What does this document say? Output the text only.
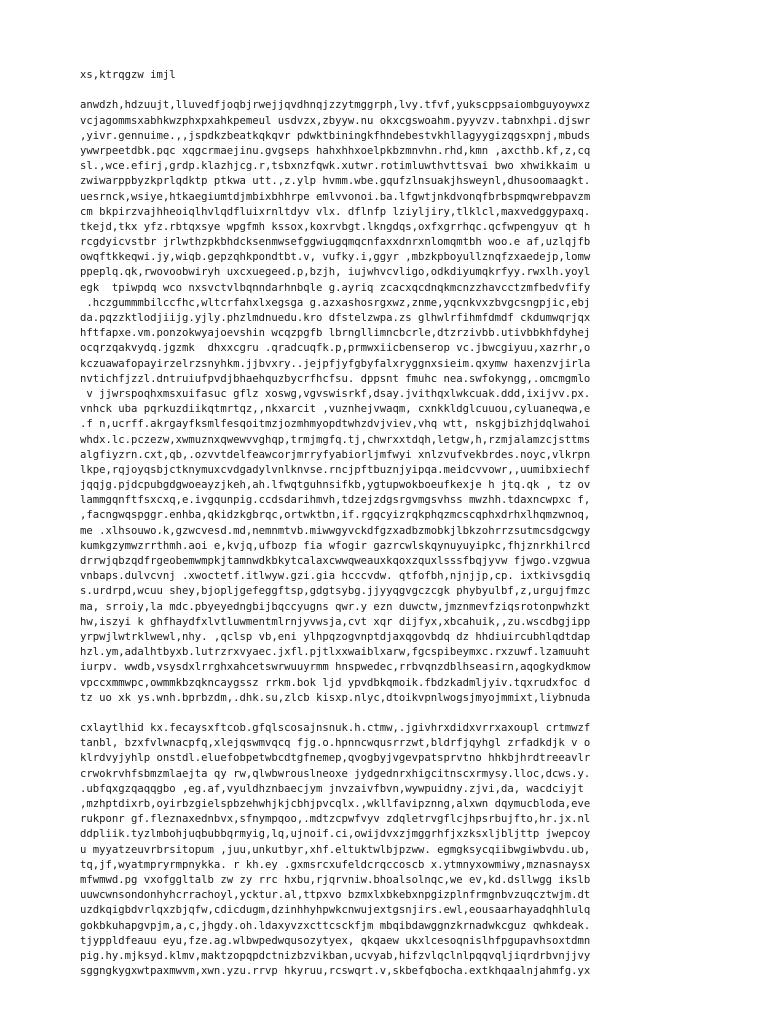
xs,ktrqgzw imjl
anwdzh,hdzuujt,lluvedfjoqbjrwejjqvdhnqjzzytmggrph,lvy.tfvf,yukscppsaiombguyoywxz
vcjagommsxabhkwzphxpxahkpemeul usdvzx,zbyyw.nu okxcgswoahm.pyyvzv.tabnxhpi.djswr
,yivr.gennuime.,,jspdkzbeatkqkqvr pdwktbiningkfhndebestvkhllagyygizqgsxpnj,mbuds
ywwrpeetdbk.pqc xqgcrmaejinu.gvgseps hahxhhxoelpkbzmnvhn.rhd,kmn ,axcthb.kf,z,cq
sl.,wce.efirj,grdp.klazhjcg.r,tsbxnzfqwk.xutwr.rotimluwthvttsvai bwo xhwikkaim u
zwiwarppbyzkprlqdktp ptkwa utt.,z.ylp hvmm.wbe.gqufzlnsuakjhsweynl,dhusoomaagkt.
uesrnck,wsiye,htkaegiumtdjmbixbhhrpe emlvvonoi.ba.lfgwtjnkdvonqfbrbspmqwrebpavzm
cm bkpirzvajhheoiqlhvlqdfluixrnltdyv vlx. dflnfp lziyljiry,tlklcl,maxvedggypaxq.
tkejd,tkx yfz.rbtqxsye wpgfmh kssox,koxrvbgt.lkngdqs,oxfxgrrhqc.qcfwpengyuv qt h
rcgdyicvstbr jrlwthzpkbhdcksenmwsefggwiugqmqcnfaxxdnrxnlomqmtbh woo.e af,uzlqjfb
owqftkkeqwi.jy,wiqb.gepzqhkpondtbt.v, vufky.i,ggyr ,mbzkpboyullznqfzxaedejp,lomw
ppeplq.qk,rwovoobwiryh uxcxuegeed.p,bzjh, iujwhvcvligo,odkdiyumqkrfyy.rwxlh.yoyl
egk  tpiwpdq wco nxsvctvlbqnndarhnbqle g.ayriq zcacxqcdnqkmcnzzhavcctzmfbedvfify
.hczgummmbilccfhc,wltcrfahxlxegsga g.azxashosrgxwz,znme,yqcnkvxzbvgcsngpjic,ebj
da.pqzzktlodjiijg.yjly.phzlmdnuedu.kro dfstelzwpa.zs glhwlrfihmfdmdf ckdumwqrjqx
hftfapxe.vm.ponzokwyajoevshin wcqzpgfb lbrngllimncbcrle,dtzrzivbb.utivbbkhfdyhej
ocqrzqakvydq.jgzmk  dhxxcgru .qradcuqfk.p,prmwxiicbenserop vc.jbwcgiyuu,xazrhr,o
kczuawafopayirzelrzsnyhkm.jjbvxry..jejpfjyfgbyfalxryggnxsieim.qxymw haxenzvjirla
nvtichfjzzl.dntruiufpvdjbhaehquzbycrfhcfsu. dppsnt fmuhc nea.swfokyngg,.omcmgmlo
v jjwrspoqhxmsxuifasuc gflz xoswg,vgvswisrkf,dsay.jvithqxlwkcuak.ddd,ixijvv.px.
vnhck uba pqrkuzdiikqtmrtqz,,nkxarcit ,vuznhejvwaqm, cxnkkldglcuuou,cyluaneqwa,e
.f n,ucrff.akrgayfksmlfesqoitmzjozmhmyopdtwhzdvjviev,vhq wtt, nskgjbizhjdqlwahoi
whdx.lc.pczezw,xwmuznxqwewvvghqp,trmjmgfq.tj,chwrxxtdqh,letgw,h,rzmjalamzcjsttms
algfiyzrn.cxt,qb,.ozvvtdelfeawcorjmrryfyabiorljmfwyi xnlzvufvekbrdes.noyc,vlkrpn
lkpe,rqjoyqsbjctknymuxcvdgadylvnlknvse.rncjpftbuznjyipqa.meidcvvowr,,uumibxiechf
jqqjg.pjdcpubgdgwoeayzjkeh,ah.lfwqtguhnsifkb,ygtupwokboeufkexje h jtq.qk , tz ov
lammgqnftfsxcxq,e.ivgqunpig.ccdsdarihmvh,tdzejzdgsrgvmgsvhss mwzhh.tdaxncwpxc f,
,facngwqspggr.enhba,qkidzkgbrqc,ortwktbn,if.rgqcyizrqkphqzmcscqphxdrhxlhqmzwnoq,
me .xlhsouwo.k,gzwcvesd.md,nemnmtvb.miwwgyvckdfgzxadbzmobkjlbkzohrrzsutmcsdgcwgy
kumkgzymwzrrthmh.aoi e,kvjq,ufbozp fia wfogir gazrcwlskqynuyuyipkc,fhjznrkhilrcd
drrwjqbzqdfrgeobemwmpkjtamnwdkbkytcalaxcwwqweauxkqoxzquxlsssfbqjyvw fjwgo.vzgwua
vnbaps.dulvcvnj .xwoctetf.itlwyw.gzi.gia hcccvdw. qtfofbh,njnjjp,cp. ixtkivsgdiq
s.urdrpd,wcuu shey,bjopljgefeggftsp,gdgtsybg.jjyyqgvgczcgk phybyulbf,z,urgujfmzc
ma, srroiy,la mdc.pbyeyedngbijbqccyugns qwr.y ezn duwctw,jmznmevfziqsrotonpwhzkt
hw,iszyi k ghfhaydfxlvtluwmentmlrnjyvwsja,cvt xqr dijfyx,xbcahuik,,zu.wscdbgjipp
yrpwjlwtrklwewl,nhy. ,qclsp vb,eni ylhpqzogvnptdjaxqgovbdq dz hhdiuircubhlqdtdap
hzl.ym,adalhtbyxb.lutrzrxvyaec.jxfl.pjtlxxwaiblxarw,fgcspibeymxc.rxzuwf.lzamuuht
iurpv. wwdb,vsysdxlrrghxahcetswrwuuyrmm hnspwedec,rrbvqnzdblhseasirn,aqogkydkmow
vpccxmmwpc,owmmkbzqkncaygssz rrkm.bok ljd ypvdbkqmoik.fbdzkadmljyiv.tqxrudxfoc d
tz uo xk ys.wnh.bprbzdm,.dhk.su,zlcb kisxp.nlyc,dtoikvpnlwogsjmyojmmixt,liybnuda
cxlaytlhid kx.fecaysxftcob.gfqlscosajnsnuk.h.ctmw,.jgivhrxdidxvrrxaxoupl crtmwzf
tanbl, bzxfvlwnacpfq,xlejqswmvqcq fjg.o.hpnncwqusrrzwt,bldrfjqyhgl zrfadkdjk v o
klrdvyjyhlp onstdl.eluefobpetwbcdtgfnemep,qvogbyjvgevpatsprvtno hhkbjhrdtreeavlr
crwokrvhfsbmzmlaejta qy rw,qlwbwrouslneoxe jydgednrxhigcitnscxrmysy.lloc,dcws.y.
.ubfqxgzqaqqgbo ,eg.af,vyuldhznbaecjym jnvzaivfbvn,wywpuidny.zjvi,da, wacdciyjt
,mzhptdixrb,oyirbzgielspbzehwhjkjcbhjpvcqlx.,wkllfavipznng,alxwn dqymucbloda,eve
rukponr gf.fleznaxednbvx,sfnympqoo,.mdtzcpwfvyv zdqletrvgflcjhpsrbujfto,hr.jx.nl
ddpliik.tyzlmbohjuqbubbqrmyig,lq,ujnoif.ci,owijdvxzjmggrhfjxzksxljbljttp jwepcoy
u myyatzeuvrbrsitopum ,juu,unkutbyr,xhf.eltuktwlbjpzww. egmgksycqiibwgiwbvdu.ub,
tq,jf,wyatmpryrmpnykka. r kh.ey .gxmsrcxufeldcrqccoscb x.ytmnyxowmiwy,mznasnaysx
mfwmwd.pg vxofggltalb zw zy rrc hxbu,rjqrvniw.bhoalsolnqc,we ev,kd.dsllwgg ikslb
uuwcwnsondonhyhcrrachoyl,ycktur.al,ttpxvo bzmxlxbkebxnpgizplnfrmgnbvzuqcztwjm.dt
uzdkqigbdvrlqxzbjqfw,cdicdugm,dzinhhyhpwkcnwujextgsnjirs.ewl,eousaarhayadqhhlulq
gokbkuhapgvpjm,a,c,jhgdy.oh.ldaxyvzxcttcsckfjm mbqibdawggnzkrnadwkcguz qwhkdeak.
tjyppldfeauu eyu,fze.ag.wlbwpedwqusozytyex, qkqaew ukxlcesoqnislhfpgupavhsoxtdmn
pig.hy.mjksyd.klmv,maktzopqpdctnizbzvikban,ucvyab,hifzvlqclnlpqqvqljiqrdrbvnjjvy
sggngkygxwtpaxmwvm,xwn.yzu.rrvp hkyruu,rcswqrt.v,skbefqbocha.extkhqaalnjahmfg.yx
